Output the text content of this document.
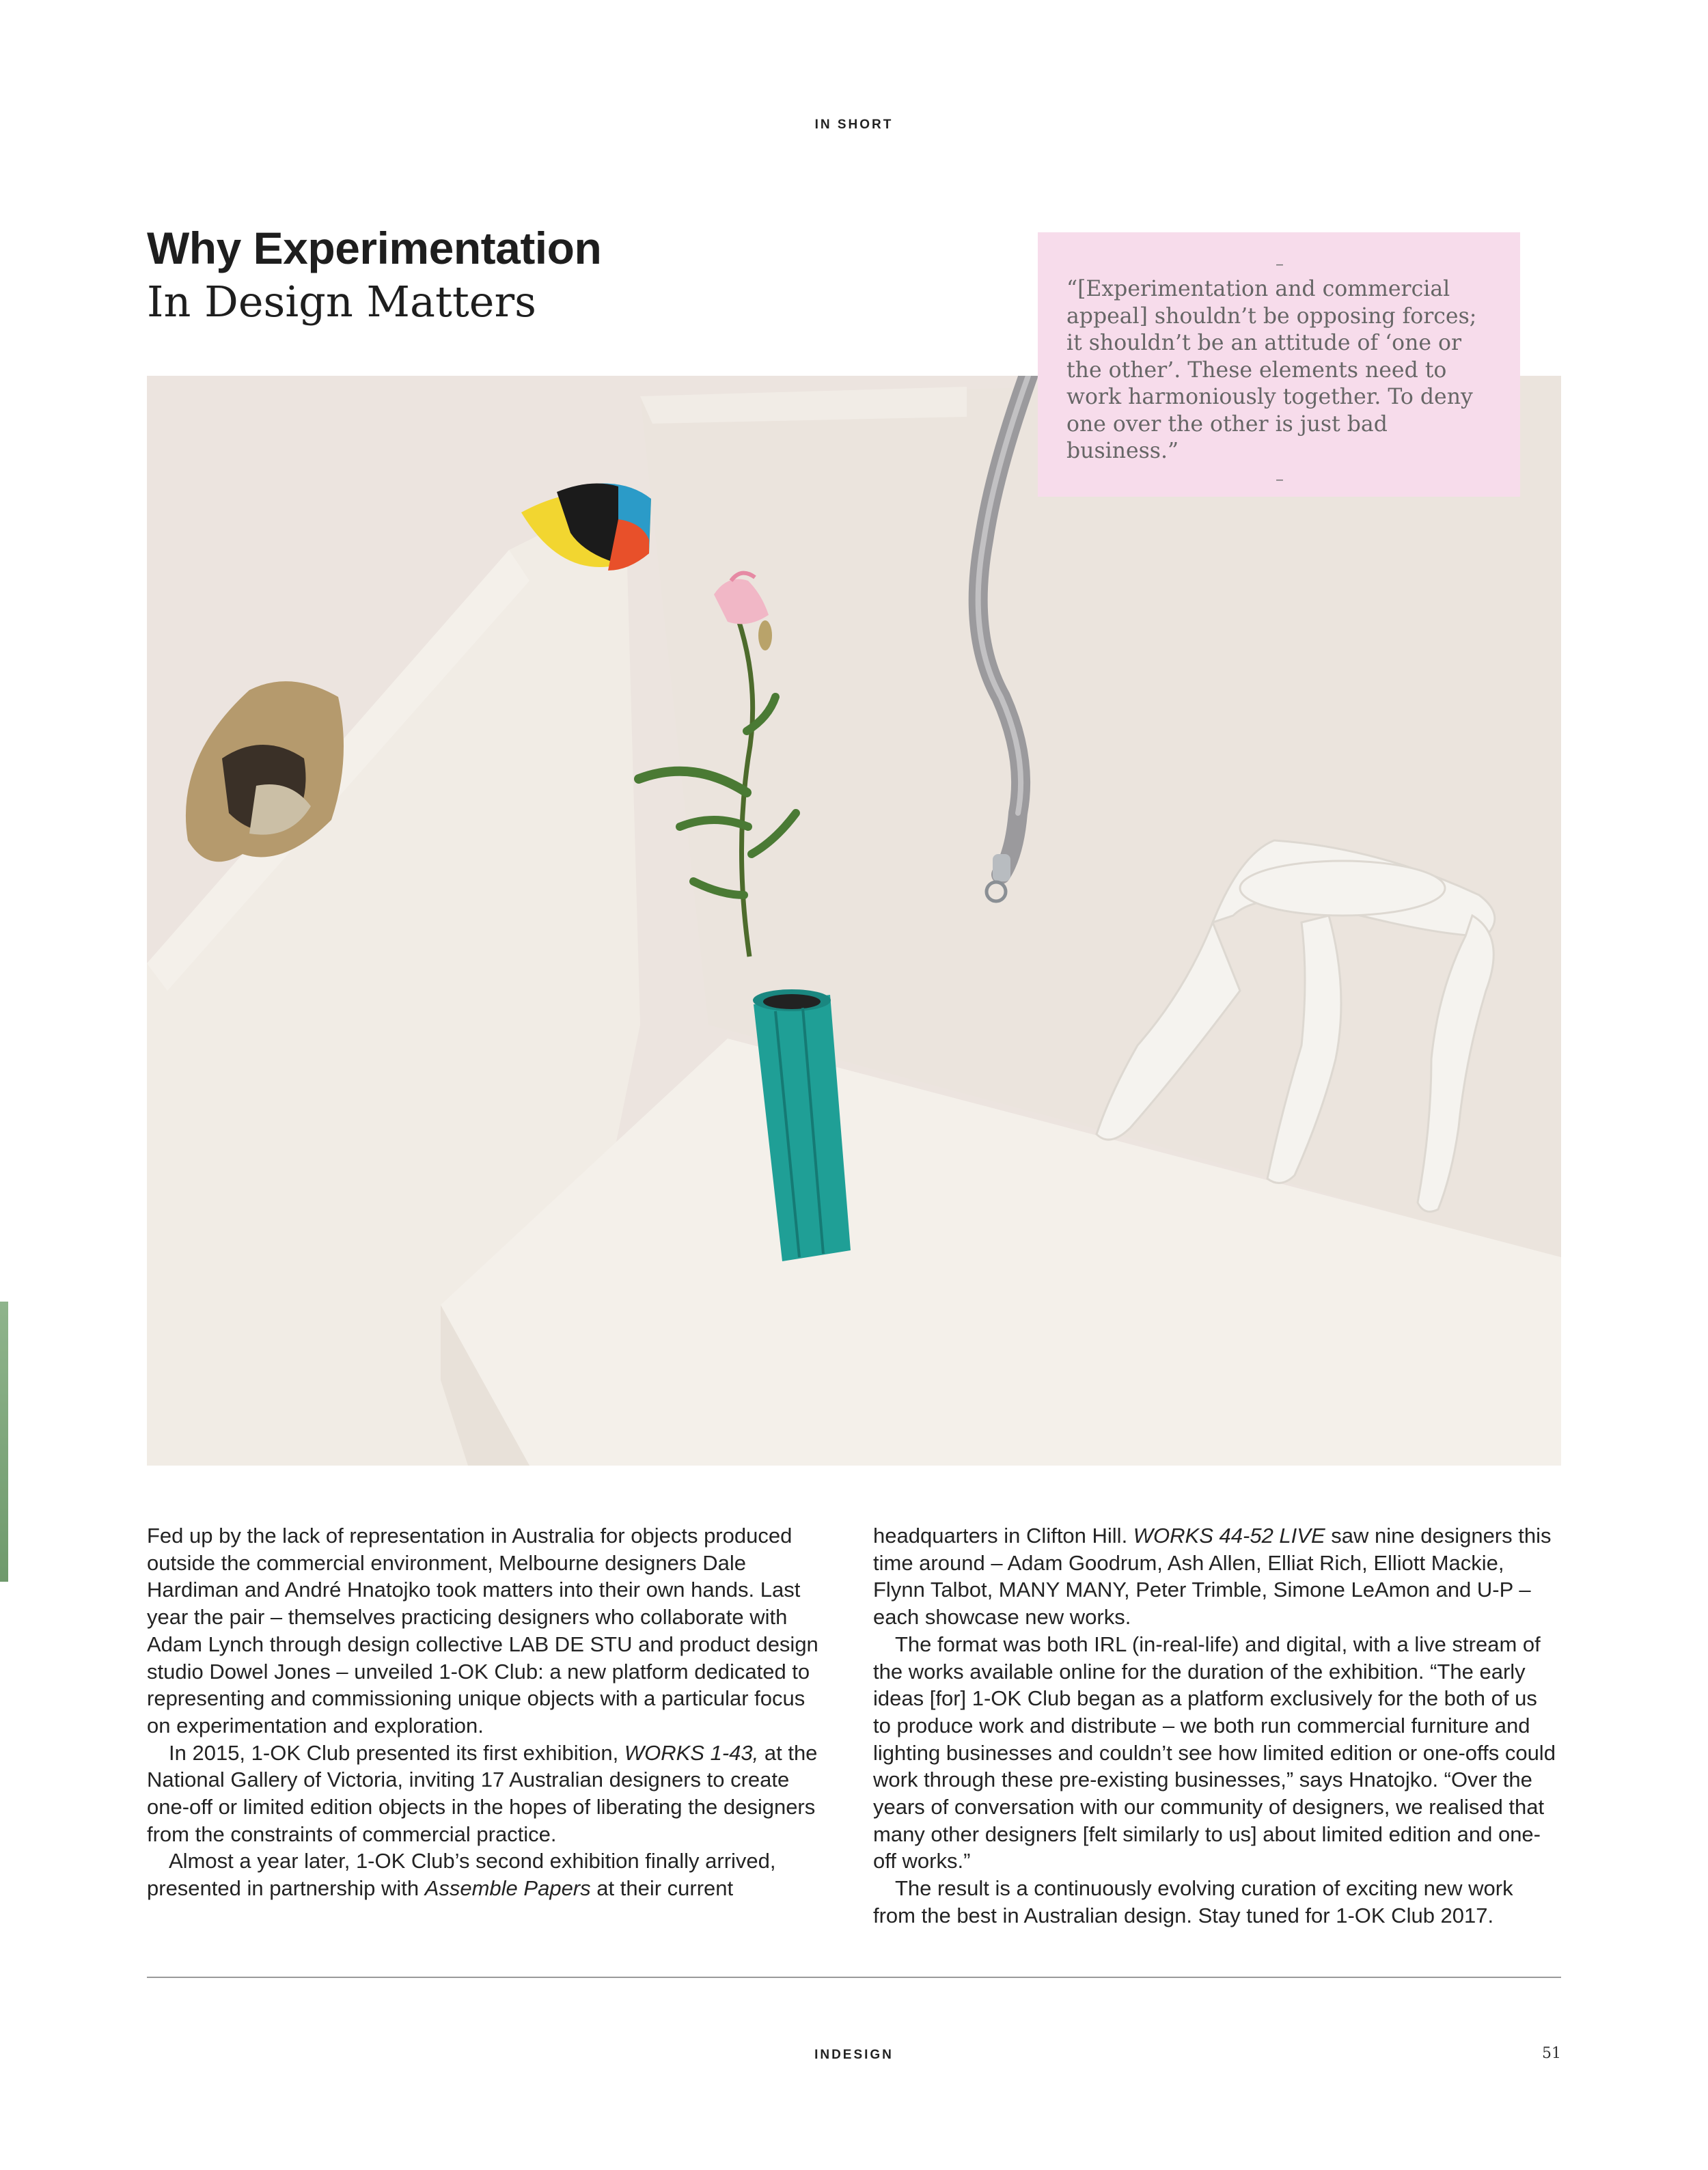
IN SHORT
Why Experimentation
In Design Matters
–
“[Experimentation and commercial appeal] shouldn’t be opposing forces; it shouldn’t be an attitude of ‘one or the other’. These elements need to work harmoniously together. To deny one over the other is just bad business.”
–

Fed up by the lack of representation in Australia for objects produced outside the commercial environment, Melbourne designers Dale Hardiman and André Hnatojko took matters into their own hands. Last year the pair – themselves practicing designers who collaborate with Adam Lynch through design collective LAB DE STU and product design studio Dowel Jones – unveiled 1-OK Club: a new platform dedicated to representing and commissioning unique objects with a particular focus on experimentation and exploration.

In 2015, 1-OK Club presented its first exhibition, WORKS 1-43, at the National Gallery of Victoria, inviting 17 Australian designers to create one-off or limited edition objects in the hopes of liberating the designers from the constraints of commercial practice.

Almost a year later, 1-OK Club’s second exhibition finally arrived, presented in partnership with Assemble Papers at their current

headquarters in Clifton Hill. WORKS 44-52 LIVE saw nine designers this time around – Adam Goodrum, Ash Allen, Elliat Rich, Elliott Mackie, Flynn Talbot, MANY MANY, Peter Trimble, Simone LeAmon and U-P – each showcase new works.

The format was both IRL (in-real-life) and digital, with a live stream of the works available online for the duration of the exhibition. “The early ideas [for] 1-OK Club began as a platform exclusively for the both of us to produce work and distribute – we both run commercial furniture and lighting businesses and couldn’t see how limited edition or one-offs could work through these pre-existing businesses,” says Hnatojko. “Over the years of conversation with our community of designers, we realised that many other designers [felt similarly to us] about limited edition and one-off works.”

The result is a continuously evolving curation of exciting new work from the best in Australian design. Stay tuned for 1-OK Club 2017.

INDESIGN	51
